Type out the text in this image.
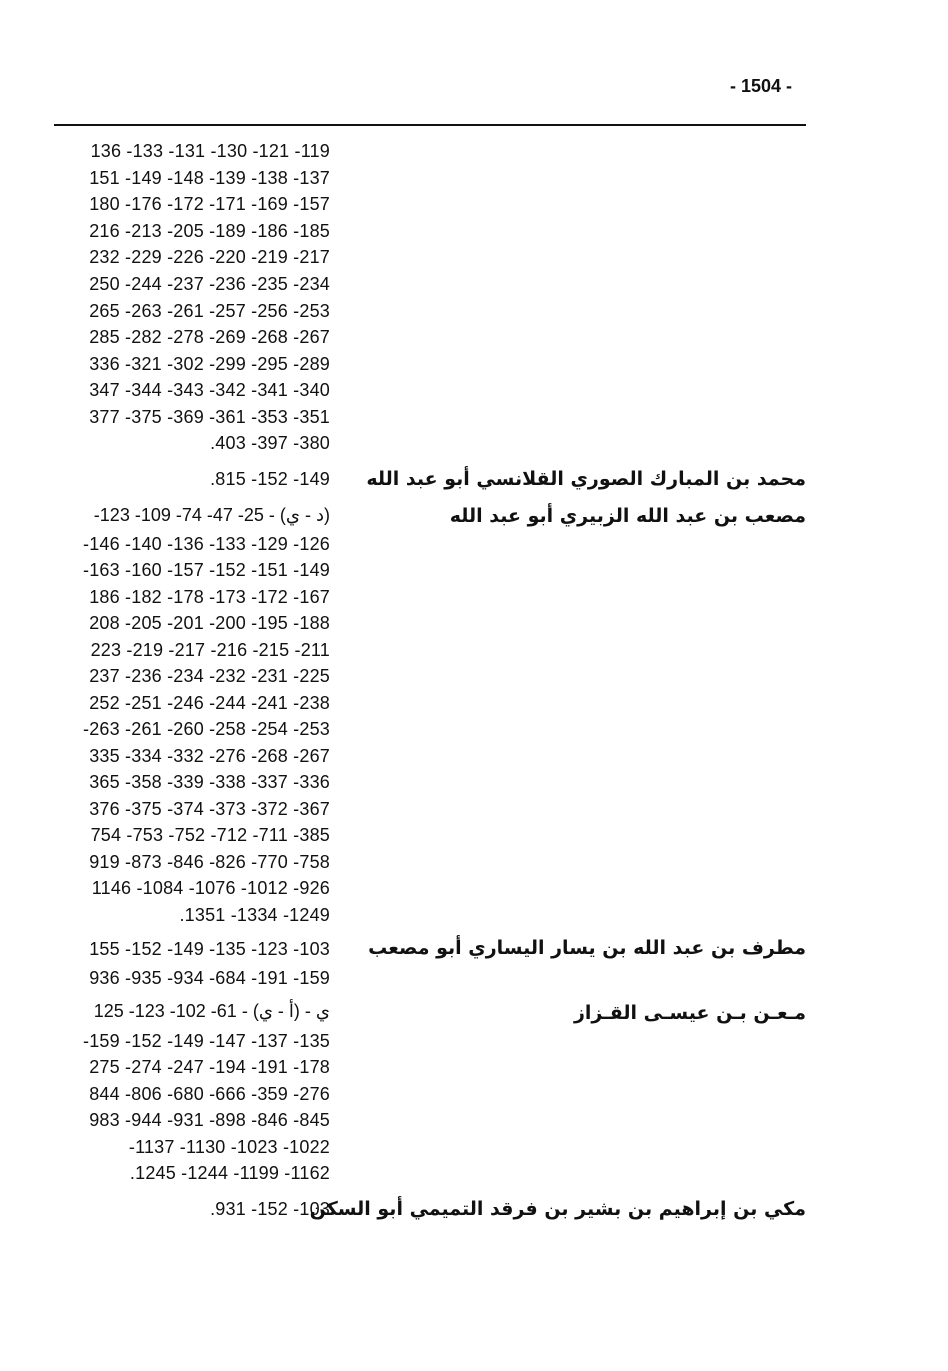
- 1504 -
136 -133 -131 -130 -121 -119
151 -149 -148 -139 -138 -137
180 -176 -172 -171 -169 -157
216 -213 -205 -189 -186 -185
232 -229 -226 -220 -219 -217
250 -244 -237 -236 -235 -234
265 -263 -261 -257 -256 -253
285 -282 -278 -269 -268 -267
336 -321 -302 -299 -295 -289
347 -344 -343 -342 -341 -340
377 -375 -369 -361 -353 -351
.403 -397 -380
محمد بن المبارك الصوري القلانسي أبو عبد الله
.815 -152 -149
مصعب بن عبد الله الزبيري أبو عبد الله
-123 -109 -74 -47 -25 - (د - ي)
-146 -140 -136 -133 -129 -126
-163 -160 -157 -152 -151 -149
186 -182 -178 -173 -172 -167
208 -205 -201 -200 -195 -188
223 -219 -217 -216 -215 -211
237 -236 -234 -232 -231 -225
252 -251 -246 -244 -241 -238
-263 -261 -260 -258 -254 -253
335 -334 -332 -276 -268 -267
365 -358 -339 -338 -337 -336
376 -375 -374 -373 -372 -367
754 -753 -752 -712 -711 -385
919 -873 -846 -826 -770 -758
1146 -1084 -1076 -1012 -926
.1351 -1334 -1249
مطرف بن عبد الله بن يسار اليساري أبو مصعب
155 -152 -149 -135 -123 -103
936 -935 -934 -684 -191 -159
مـعـن بـن عيسـى القـزاز
125 -123 -102 -61 - (أ - ي) - ي
-159 -152 -149 -147 -137 -135
275 -274 -247 -194 -191 -178
844 -806 -680 -666 -359 -276
983 -944 -931 -898 -846 -845
-1137 -1130 -1023 -1022
.1245 -1244 -1199 -1162
مكي بن إبراهيم بن بشير بن فرقد التميمي أبو السكن
.931 -152 -103
